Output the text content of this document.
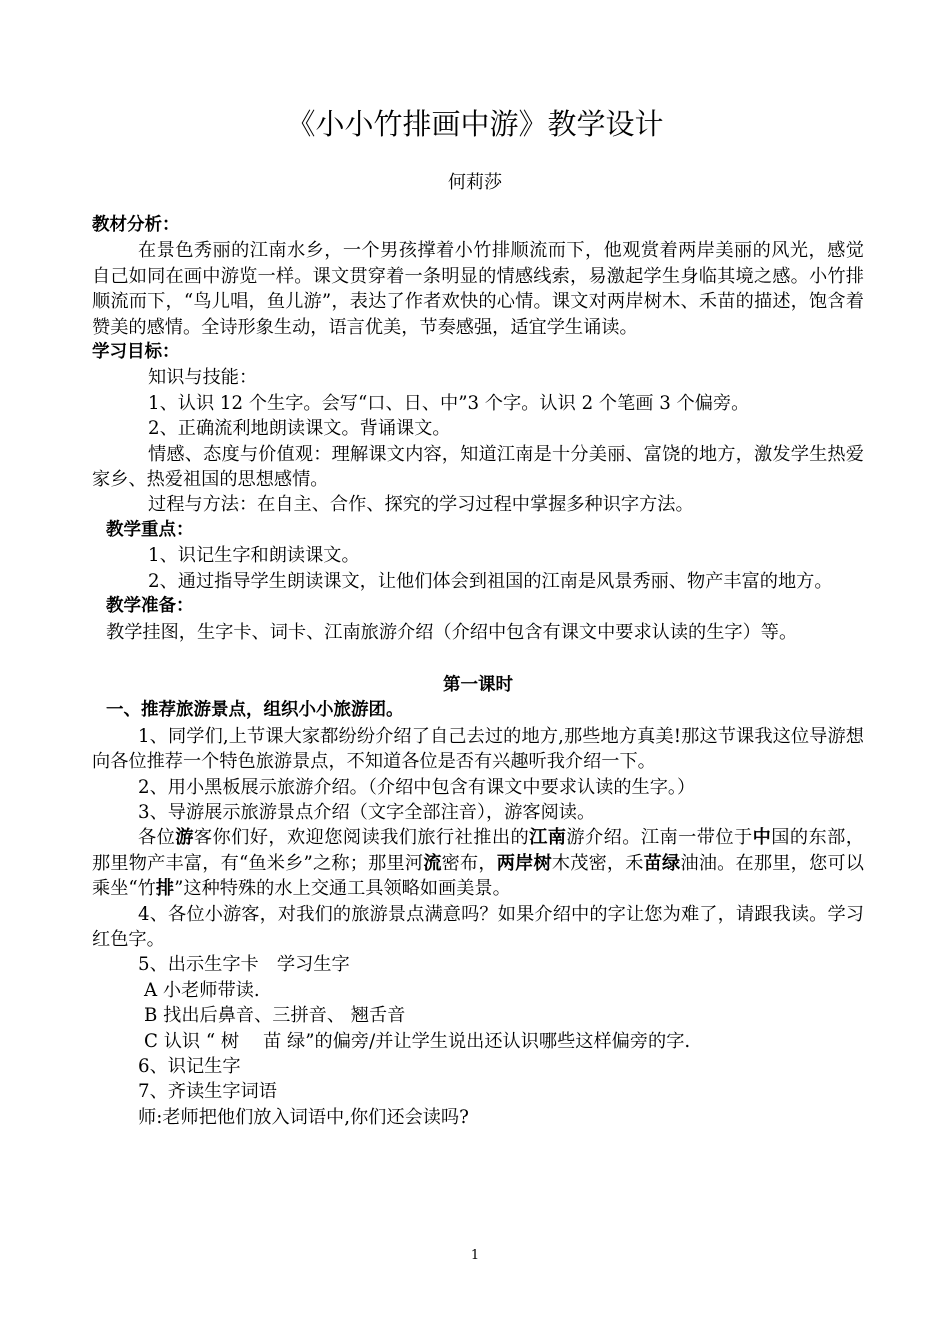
《小小竹排画中游》教学设计
何莉莎

教材分析：

在景色秀丽的江南水乡，一个男孩撑着小竹排顺流而下，他观赏着两岸美丽的风光，感觉自己如同在画中游览一样。课文贯穿着一条明显的情感线索，易激起学生身临其境之感。小竹排顺流而下，“鸟儿唱，鱼儿游”，表达了作者欢快的心情。课文对两岸树木、禾苗的描述，饱含着赞美的感情。全诗形象生动，语言优美，节奏感强，适宜学生诵读。

学习目标：

知识与技能：

1、认识 12 个生字。会写“口、日、中”3 个字。认识 2 个笔画 3 个偏旁。

2、正确流利地朗读课文。背诵课文。

情感、态度与价值观：理解课文内容，知道江南是十分美丽、富饶的地方，激发学生热爱家乡、热爱祖国的思想感情。

过程与方法：在自主、合作、探究的学习过程中掌握多种识字方法。

教学重点：

1、识记生字和朗读课文。

2、通过指导学生朗读课文，让他们体会到祖国的江南是风景秀丽、物产丰富的地方。

教学准备：

教学挂图，生字卡、词卡、江南旅游介绍（介绍中包含有课文中要求认读的生字）等。

第一课时

一、推荐旅游景点，组织小小旅游团。

1、同学们,上节课大家都纷纷介绍了自己去过的地方,那些地方真美!那这节课我这位导游想向各位推荐一个特色旅游景点，不知道各位是否有兴趣听我介绍一下。

2、用小黑板展示旅游介绍。（介绍中包含有课文中要求认读的生字。）

3、导游展示旅游景点介绍（文字全部注音），游客阅读。

各位游客你们好，欢迎您阅读我们旅行社推出的江南游介绍。江南一带位于中国的东部，那里物产丰富，有“鱼米乡”之称；那里河流密布，两岸树木茂密，禾苗绿油油。在那里，您可以乘坐“竹排”这种特殊的水上交通工具领略如画美景。

4、各位小游客，对我们的旅游景点满意吗？如果介绍中的字让您为难了，请跟我读。学习红色字。

5、出示生字卡　学习生字

A 小老师带读.

B 找出后鼻音、三拼音、 翘舌音

C 认识 “ 树 　苗 绿”的偏旁/并让学生说出还认识哪些这样偏旁的字.

6、识记生字

7、齐读生字词语

师:老师把他们放入词语中,你们还会读吗?

1
